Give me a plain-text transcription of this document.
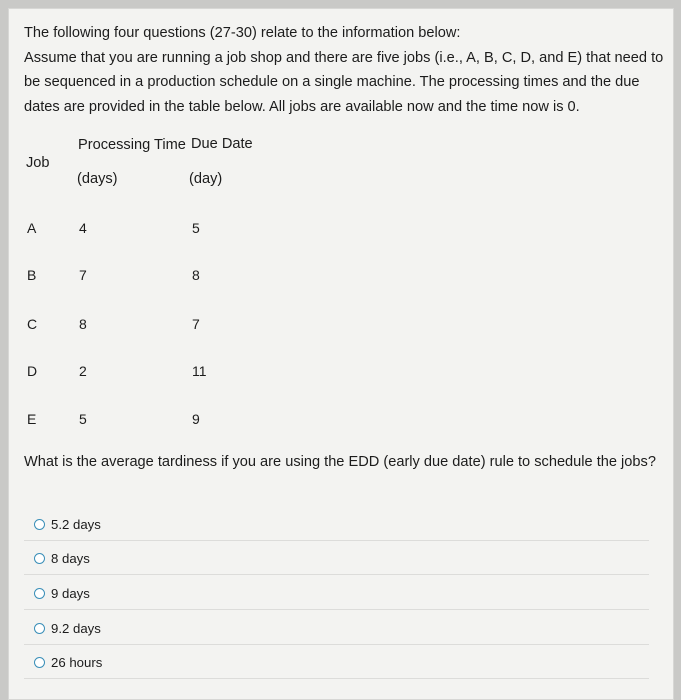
The following four questions (27-30) relate to the information below:

Assume that you are running a job shop and there are five jobs (i.e., A, B, C, D, and E) that need to be sequenced in a production schedule on a single machine. The processing times and the due dates are provided in the table below. All jobs are available now and the time now is 0.

Job
Processing Time
(days)
Due Date
(day)
A	4	5
B	7	8
C	8	7
D	2	11
E	5	9
What is the average tardiness if you are using the EDD (early due date) rule to schedule the jobs?
5.2 days
8 days
9 days
9.2 days
26 hours
